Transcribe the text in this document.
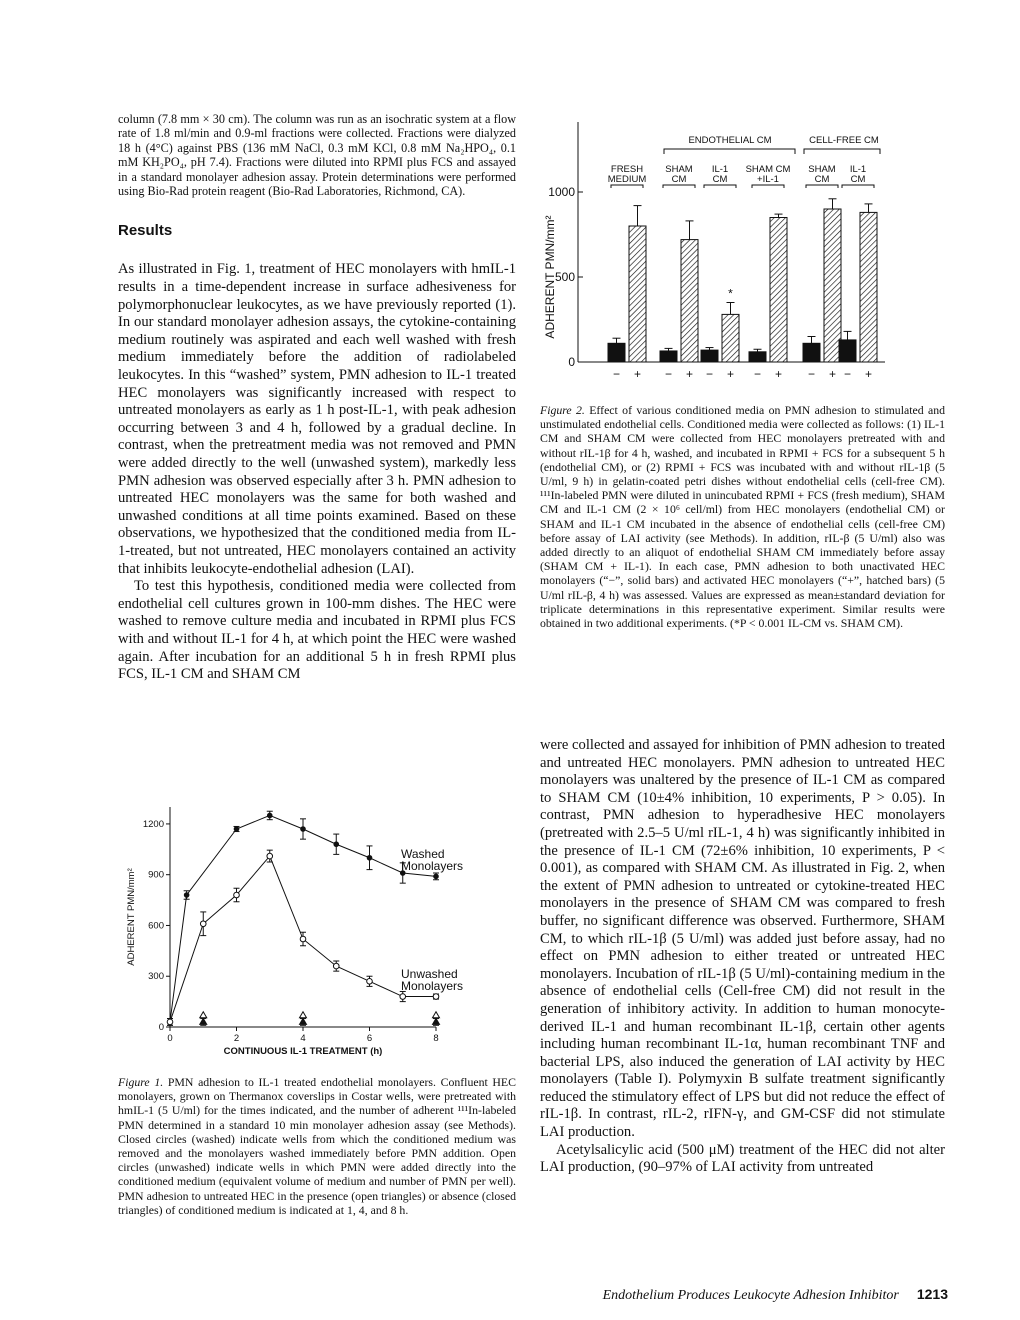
column (7.8 mm × 30 cm). The column was run as an isochratic system at a flow rate of 1.8 ml/min and 0.9-ml fractions were collected. Fractions were dialyzed 18 h (4°C) against PBS (136 mM NaCl, 0.3 mM KCl, 0.8 mM Na₂HPO₄, 0.1 mM KH₂PO₄, pH 7.4). Fractions were diluted into RPMI plus FCS and assayed in a standard monolayer adhesion assay. Protein determinations were performed using Bio-Rad protein reagent (Bio-Rad Laboratories, Richmond, CA).

Results

As illustrated in Fig. 1, treatment of HEC monolayers with hmIL-1 results in a time-dependent increase in surface adhesiveness for polymorphonuclear leukocytes, as we have previously reported (1). In our standard monolayer adhesion assays, the cytokine-containing medium routinely was aspirated and each well washed with fresh medium immediately before the addition of radiolabeled leukocytes. In this “washed” system, PMN adhesion to IL-1 treated HEC monolayers was significantly increased with respect to untreated monolayers as early as 1 h post-IL-1, with peak adhesion occurring between 3 and 4 h, followed by a gradual decline. In contrast, when the pretreatment media was not removed and PMN were added directly to the well (unwashed system), markedly less PMN adhesion was observed especially after 3 h. PMN adhesion to untreated HEC monolayers was the same for both washed and unwashed conditions at all time points examined. Based on these observations, we hypothesized that the conditioned media from IL-1-treated, but not untreated, HEC monolayers contained an activity that inhibits leukocyte-endothelial adhesion (LAI).

To test this hypothesis, conditioned media were collected from endothelial cell cultures grown in 100-mm dishes. The HEC were washed to remove culture media and incubated in RPMI plus FCS with and without IL-1 for 4 h, at which point the HEC were washed again. After incubation for an additional 5 h in fresh RPMI plus FCS, IL-1 CM and SHAM CM

0
300
600
900
1200
0	2	4	6	8
CONTINUOUS IL-1 TREATMENT (h)
ADHERENT PMN/mm²
Washed
Monolayers
Unwashed
Monolayers

Figure 1. PMN adhesion to IL-1 treated endothelial monolayers. Confluent HEC monolayers, grown on Thermanox coverslips in Costar wells, were pretreated with hmIL-1 (5 U/ml) for the times indicated, and the number of adherent ¹¹¹In-labeled PMN determined in a standard 10 min monolayer adhesion assay (see Methods). Closed circles (washed) indicate wells from which the conditioned medium was removed and the monolayers washed immediately before PMN addition. Open circles (unwashed) indicate wells in which PMN were added directly into the conditioned medium (equivalent volume of medium and number of PMN per well). PMN adhesion to untreated HEC in the presence (open triangles) or absence (closed triangles) of conditioned medium is indicated at 1, 4, and 8 h.

0
500
1000
ADHERENT PMN/mm²
ENDOTHELIAL CM	CELL-FREE CM
FRESH
MEDIUM
− +
SHAM
CM
− +
IL-1
CM
− +
SHAM CM
+IL-1
− +
SHAM
CM
− +
IL-1
CM
− +
*

Figure 2. Effect of various conditioned media on PMN adhesion to stimulated and unstimulated endothelial cells. Conditioned media were collected as follows: (1) IL-1 CM and SHAM CM were collected from HEC monolayers pretreated with and without rIL-1β for 4 h, washed, and incubated in RPMI + FCS for a subsequent 5 h (endothelial CM), or (2) RPMI + FCS was incubated with and without rIL-1β (5 U/ml, 9 h) in gelatin-coated petri dishes without endothelial cells (cell-free CM). ¹¹¹In-labeled PMN were diluted in unincubated RPMI + FCS (fresh medium), SHAM CM and IL-1 CM (2 × 10⁶ cell/ml) from HEC monolayers (endothelial CM) or SHAM and IL-1 CM incubated in the absence of endothelial cells (cell-free CM) before assay of LAI activity (see Methods). In addition, rIL-β (5 U/ml) also was added directly to an aliquot of endothelial SHAM CM immediately before assay (SHAM CM + IL-1). In each case, PMN adhesion to both unactivated HEC monolayers (“−”, solid bars) and activated HEC monolayers (“+”, hatched bars) (5 U/ml rIL-β, 4 h) was assessed. Values are expressed as mean±standard deviation for triplicate determinations in this representative experiment. Similar results were obtained in two additional experiments. (*P < 0.001 IL-CM vs. SHAM CM).

were collected and assayed for inhibition of PMN adhesion to treated and untreated HEC monolayers. PMN adhesion to untreated HEC monolayers was unaltered by the presence of IL-1 CM as compared to SHAM CM (10±4% inhibition, 10 experiments, P > 0.05). In contrast, PMN adhesion to hyperadhesive HEC monolayers (pretreated with 2.5–5 U/ml rIL-1, 4 h) was significantly inhibited in the presence of IL-1 CM (72±6% inhibition, 10 experiments, P < 0.001), as compared with SHAM CM. As illustrated in Fig. 2, when the extent of PMN adhesion to untreated or cytokine-treated HEC monolayers in the presence of SHAM CM was compared to fresh buffer, no significant difference was observed. Furthermore, SHAM CM, to which rIL-1β (5 U/ml) was added just before assay, had no effect on PMN adhesion to either treated or untreated HEC monolayers. Incubation of rIL-1β (5 U/ml)-containing medium in the absence of endothelial cells (Cell-free CM) did not result in the generation of inhibitory activity. In addition to human monocyte-derived IL-1 and human recombinant IL-1β, certain other agents including human recombinant IL-1α, human recombinant TNF and bacterial LPS, also induced the generation of LAI activity by HEC monolayers (Table I). Polymyxin B sulfate treatment significantly reduced the stimulatory effect of LPS but did not reduce the effect of rIL-1β. In contrast, rIL-2, rIFN-γ, and GM-CSF did not stimulate LAI production.

Acetylsalicylic acid (500 μM) treatment of the HEC did not alter LAI production, (90–97% of LAI activity from untreated

Endothelium Produces Leukocyte Adhesion Inhibitor 1213
